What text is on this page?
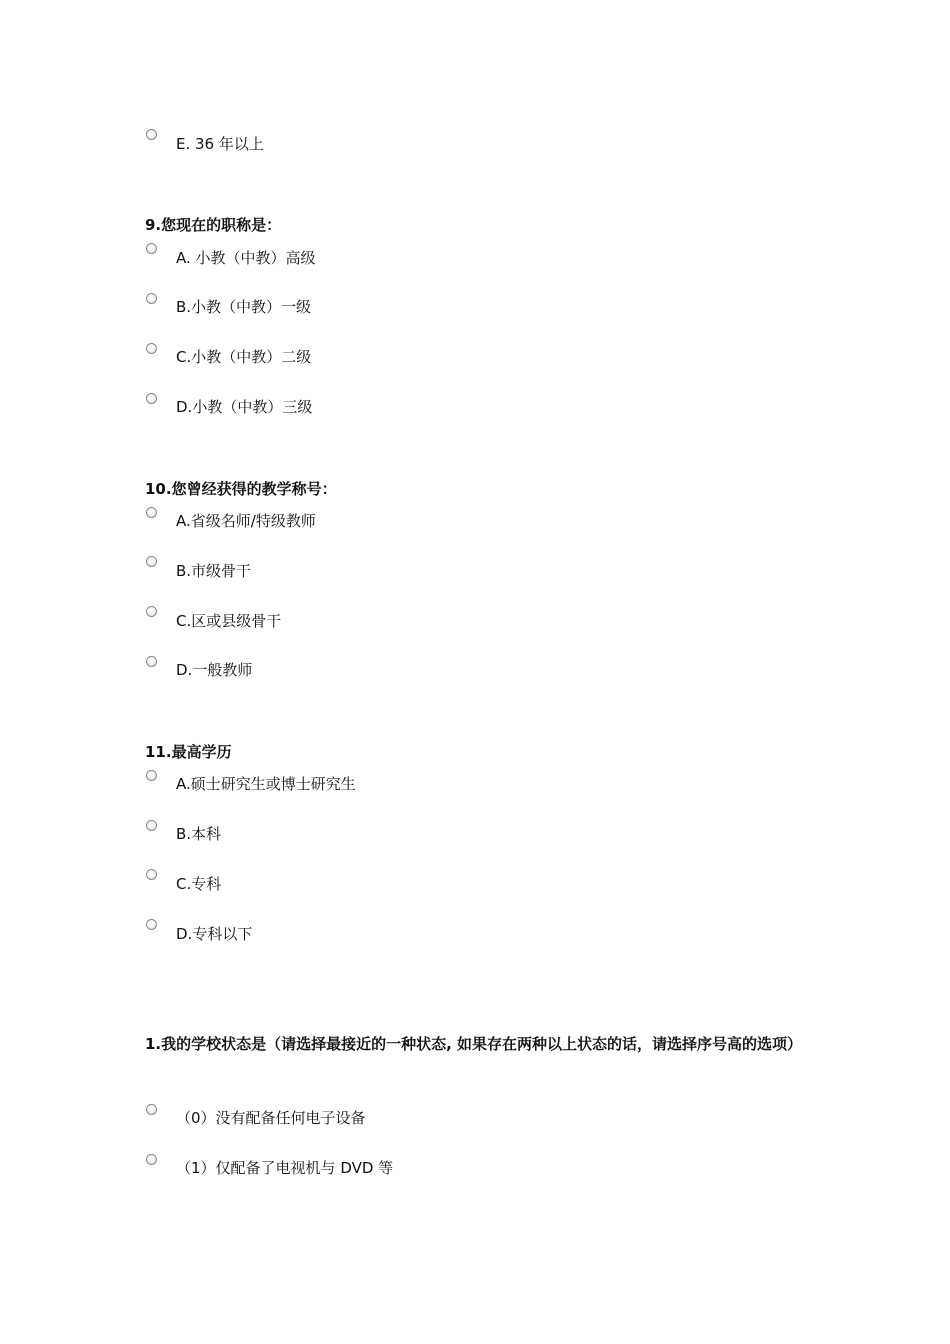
E. 36 年以上
9.您现在的职称是：
A. 小教（中教）高级
B.小教（中教）一级
C.小教（中教）二级
D.小教（中教）三级
10.您曾经获得的教学称号：
A.省级名师/特级教师
B.市级骨干
C.区或县级骨干
D.一般教师
11.最高学历
A.硕士研究生或博士研究生
B.本科
C.专科
D.专科以下
1.我的学校状态是（请选择最接近的一种状态, 如果存在两种以上状态的话，请选择序号高的选项）
（0）没有配备任何电子设备
（1）仅配备了电视机与 DVD 等
